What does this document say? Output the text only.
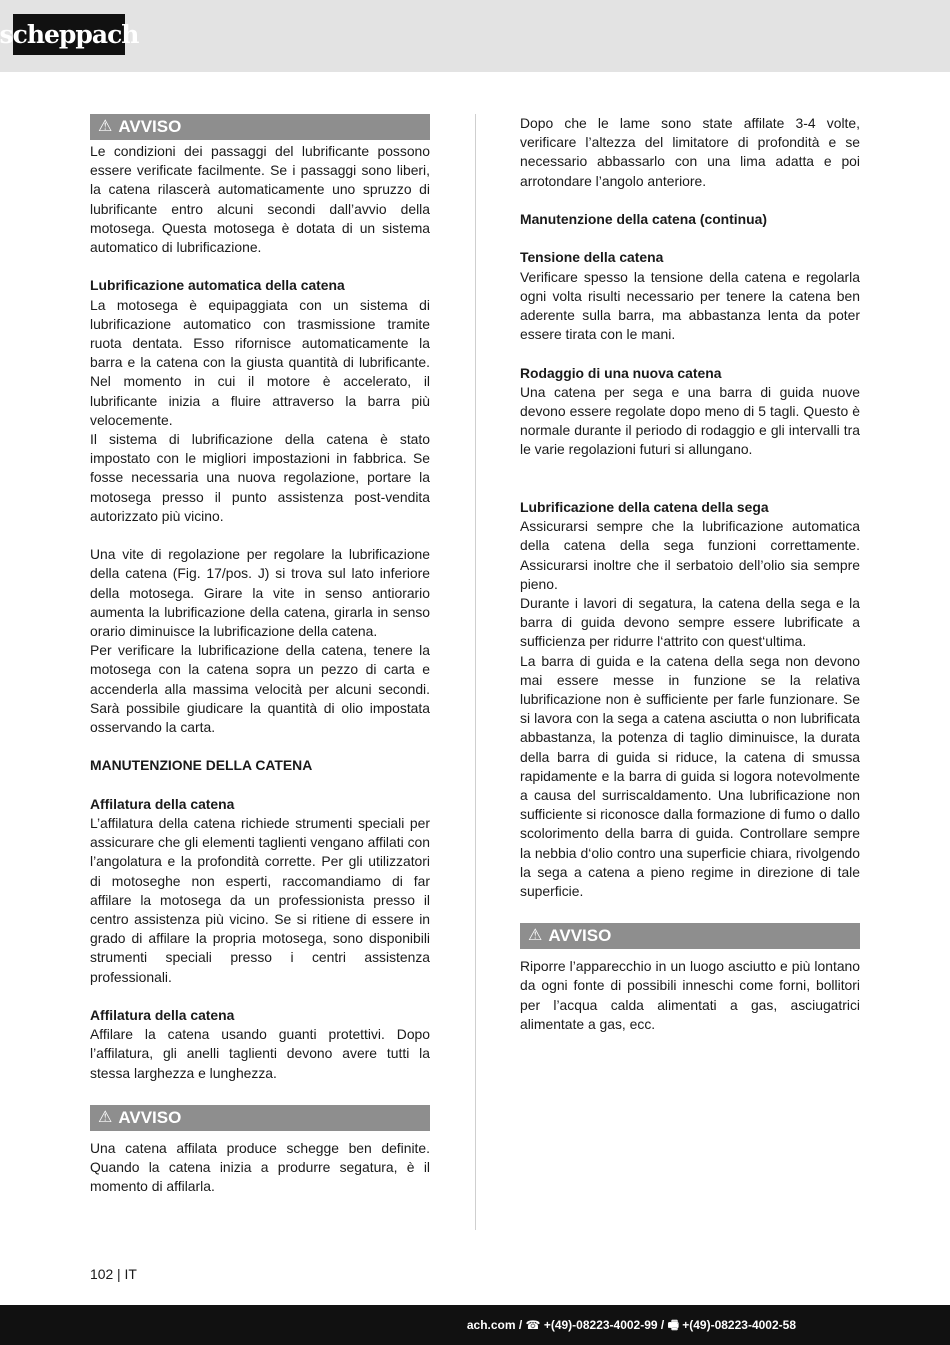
scheppach
⚠ AVVISO

Le condizioni dei passaggi del lubrificante possono essere verificate facilmente. Se i passaggi sono liberi, la catena rilascerà automaticamente uno spruzzo di lubrificante entro alcuni secondi dall’avvio della motosega. Questa motosega è dotata di un sistema automatico di lubrificazione.

Lubrificazione automatica della catena

La motosega è equipaggiata con un sistema di lubrificazione automatico con trasmissione tramite ruota dentata. Esso rifornisce automaticamente la barra e la catena con la giusta quantità di lubrificante. Nel momento in cui il motore è accelerato, il lubrificante inizia a fluire attraverso la barra più velocemente.

Il sistema di lubrificazione della catena è stato impostato con le migliori impostazioni in fabbrica. Se fosse necessaria una nuova regolazione, portare la motosega presso il punto assistenza post-vendita autorizzato più vicino.

Una vite di regolazione per regolare la lubrificazione della catena (Fig. 17/pos. J) si trova sul lato inferiore della motosega. Girare la vite in senso antiorario aumenta la lubrificazione della catena, girarla in senso orario diminuisce la lubrificazione della catena.

Per verificare la lubrificazione della catena, tenere la motosega con la catena sopra un pezzo di carta e accenderla alla massima velocità per alcuni secondi. Sarà possibile giudicare la quantità di olio impostata osservando la carta.

MANUTENZIONE DELLA CATENA

Affilatura della catena

L’affilatura della catena richiede strumenti speciali per assicurare che gli elementi taglienti vengano affilati con l’angolatura e la profondità corrette. Per gli utilizzatori di motoseghe non esperti, raccomandiamo di far affilare la motosega da un professionista presso il centro assistenza più vicino. Se si ritiene di essere in grado di affilare la propria motosega, sono disponibili strumenti speciali presso i centri assistenza professionali.

Affilatura della catena

Affilare la catena usando guanti protettivi. Dopo l’affilatura, gli anelli taglienti devono avere tutti la stessa larghezza e lunghezza.

⚠ AVVISO

Una catena affilata produce schegge ben definite. Quando la catena inizia a produrre segatura, è il momento di affilarla.

Dopo che le lame sono state affilate 3-4 volte, verificare l’altezza del limitatore di profondità e se necessario abbassarlo con una lima adatta e poi arrotondare l’angolo anteriore.

Manutenzione della catena (continua)

Tensione della catena

Verificare spesso la tensione della catena e regolarla ogni volta risulti necessario per tenere la catena ben aderente sulla barra, ma abbastanza lenta da poter essere tirata con le mani.

Rodaggio di una nuova catena

Una catena per sega e una barra di guida nuove devono essere regolate dopo meno di 5 tagli. Questo è normale durante il periodo di rodaggio e gli intervalli tra le varie regolazioni futuri si allungano.

Lubrificazione della catena della sega

Assicurarsi sempre che la lubrificazione automatica della catena della sega funzioni correttamente. Assicurarsi inoltre che il serbatoio dell’olio sia sempre pieno.

Durante i lavori di segatura, la catena della sega e la barra di guida devono sempre essere lubrificate a sufficienza per ridurre l‘attrito con quest‘ultima.

La barra di guida e la catena della sega non devono mai essere messe in funzione se la relativa lubrificazione non è sufficiente per farle funzionare. Se si lavora con la sega a catena asciutta o non lubrificata abbastanza, la potenza di taglio diminuisce, la durata della barra di guida si riduce, la catena di smussa rapidamente e la barra di guida si logora notevolmente a causa del surriscaldamento. Una lubrificazione non sufficiente si riconosce dalla formazione di fumo o dallo scolorimento della barra di guida. Controllare sempre la nebbia d‘olio contro una superficie chiara, rivolgendo la sega a catena a pieno regime in direzione di tale superficie.

⚠ AVVISO

Riporre l’apparecchio in un luogo asciutto e più lontano da ogni fonte di possibili inneschi come forni, bollitori per l’acqua calda alimentati a gas, asciugatrici alimentate a gas, ecc.

102 | IT
ach.com / ☎ +(49)-08223-4002-99 / 🖷 +(49)-08223-4002-58
